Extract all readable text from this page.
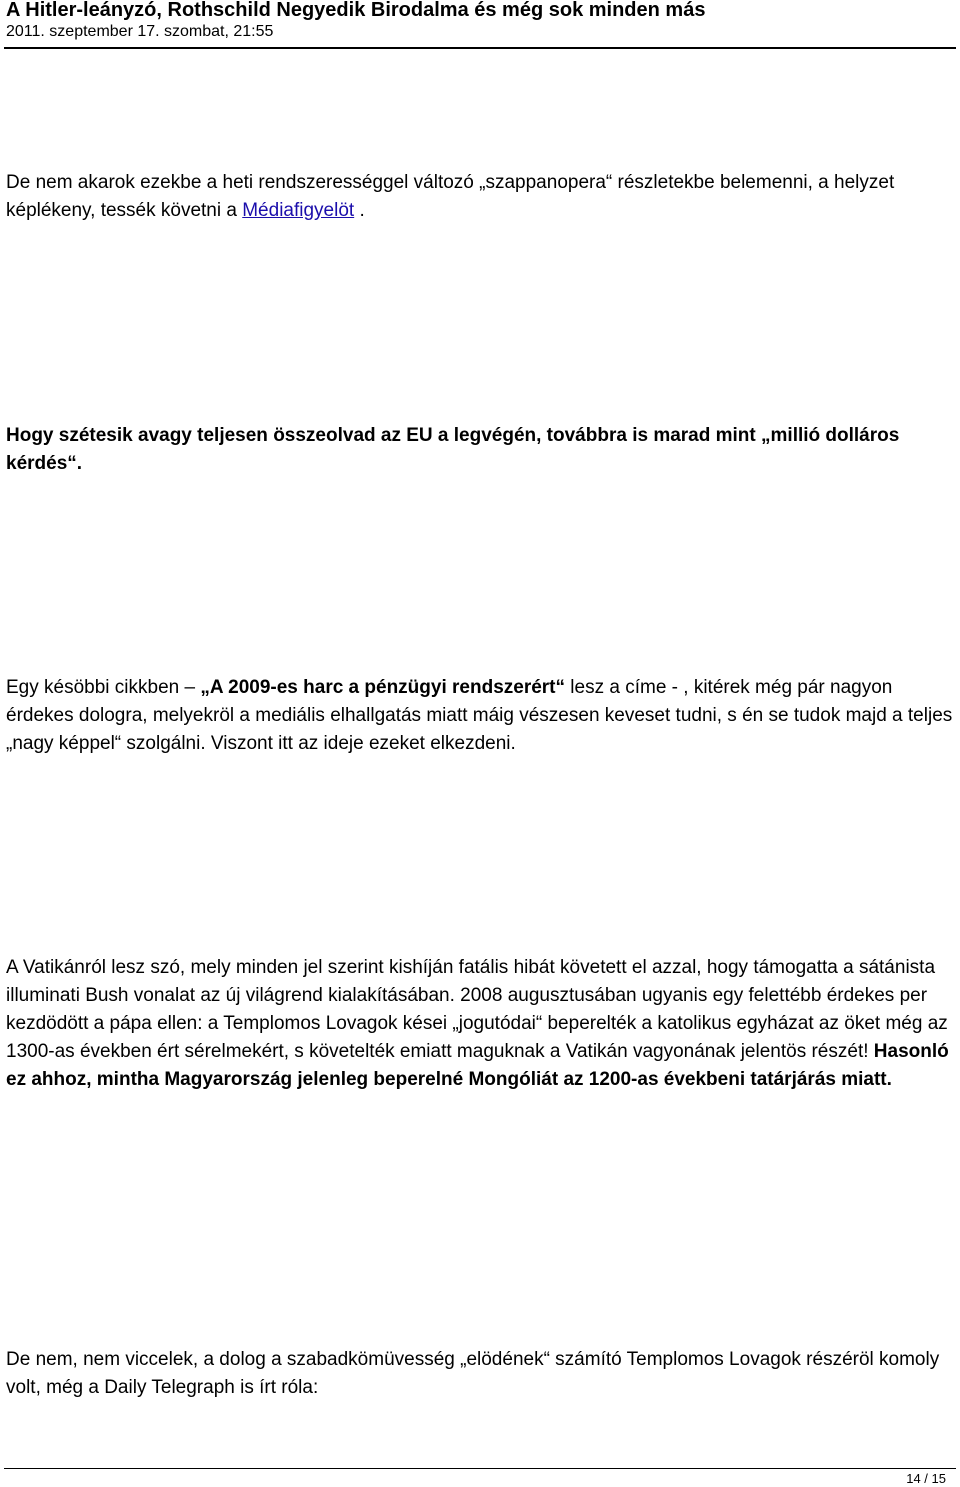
A Hitler-leányzó, Rothschild Negyedik Birodalma és még sok minden más
2011. szeptember 17. szombat, 21:55

De nem akarok ezekbe a heti rendszerességgel változó „szappanopera“ részletekbe belemenni, a helyzet képlékeny, tessék követni a Médiafigyelöt .

Hogy szétesik avagy teljesen összeolvad az EU a legvégén, továbbra is marad mint „millió dolláros kérdés“.

Egy késöbbi cikkben – „A 2009-es harc a pénzügyi rendszerért“ lesz a címe - , kitérek még pár nagyon érdekes dologra, melyekröl a mediális elhallgatás miatt máig vészesen keveset tudni, s én se tudok majd a teljes „nagy képpel“ szolgálni. Viszont itt az ideje ezeket elkezdeni.

A Vatikánról lesz szó, mely minden jel szerint kishíján fatális hibát követett el azzal, hogy támogatta a sátánista illuminati Bush vonalat az új világrend kialakításában. 2008 augusztusában ugyanis egy felettébb érdekes per kezdödött a pápa ellen: a Templomos Lovagok kései „jogutódai“ beperelték a katolikus egyházat az öket még az 1300-as években ért sérelmekért, s követelték emiatt maguknak a Vatikán vagyonának jelentös részét! Hasonló ez ahhoz, mintha Magyarország jelenleg beperelné Mongóliát az 1200-as évekbeni tatárjárás miatt.

De nem, nem viccelek, a dolog a szabadkömüvesség „elödének“ számító Templomos Lovagok részéröl komoly volt, még a Daily Telegraph is írt róla:

14 / 15
